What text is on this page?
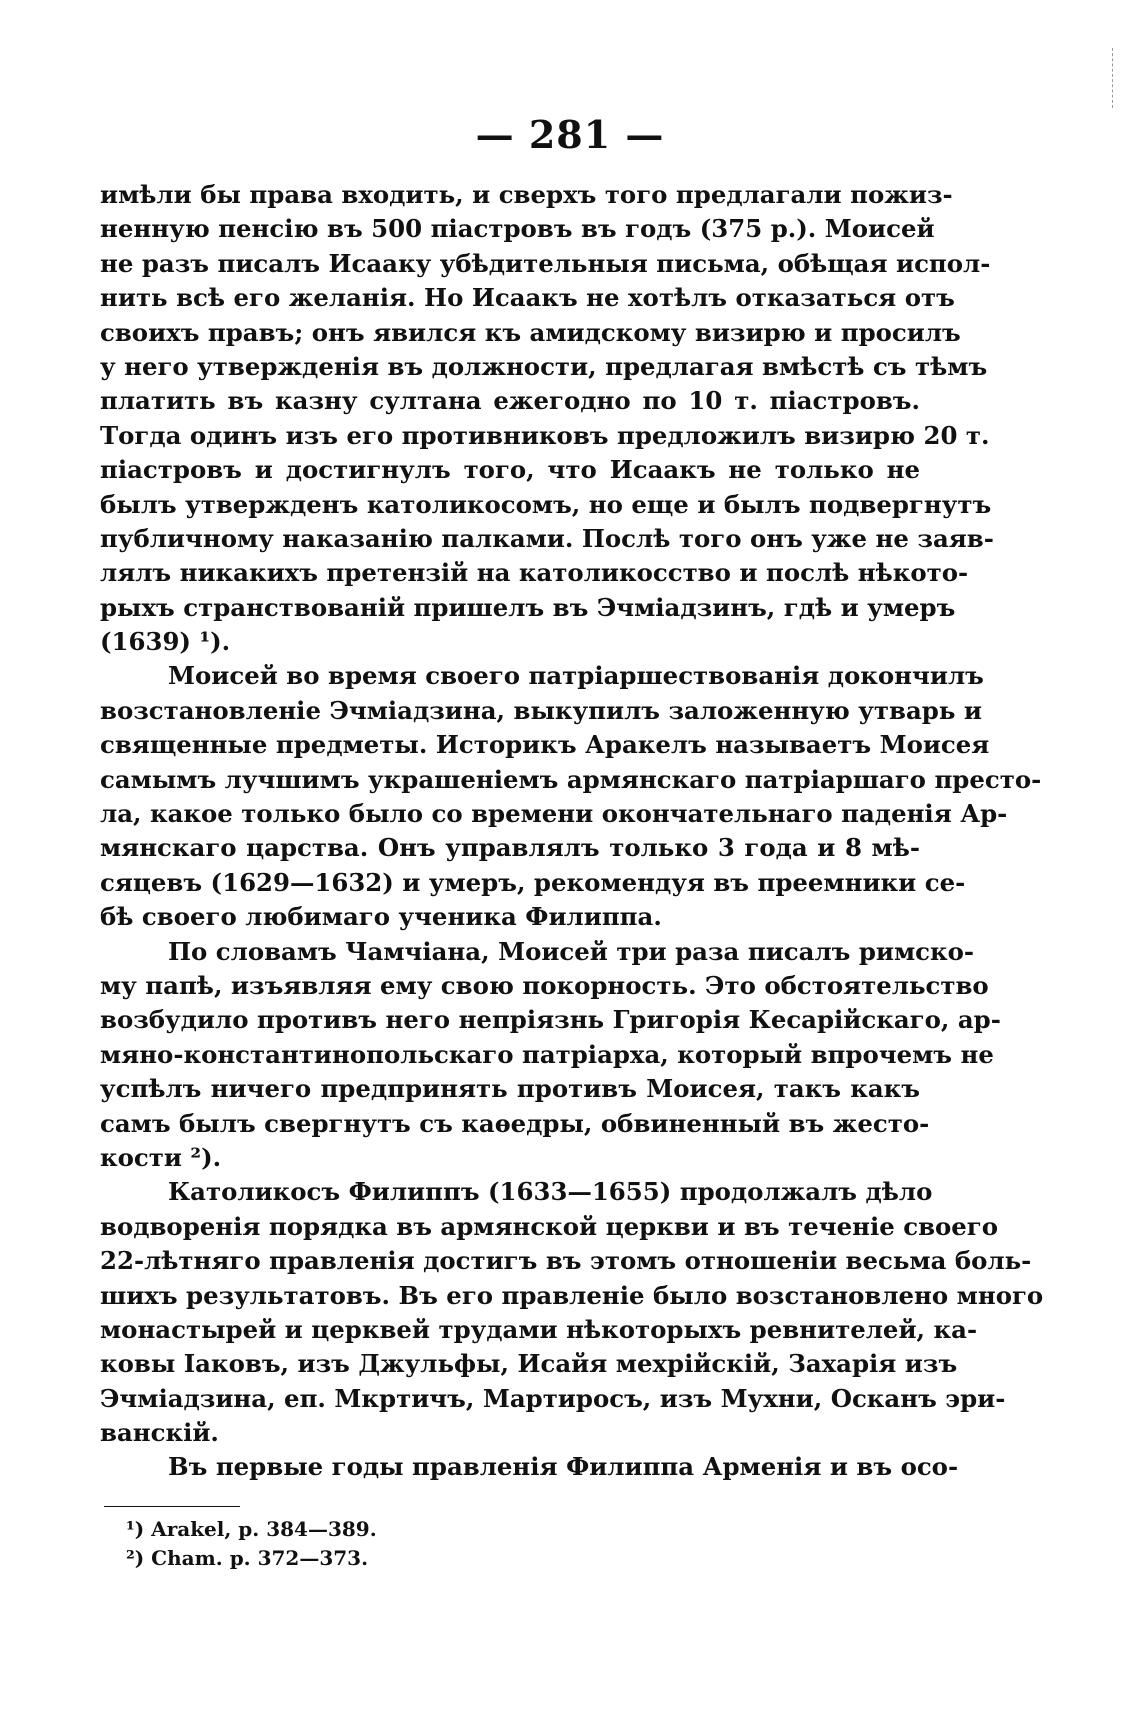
— 281 —
имѣли бы права входить, и сверхъ того предлагали пожиз-
ненную пенсію въ 500 піастровъ въ годъ (375 р.). Моисей
не разъ писалъ Исааку убѣдительныя письма, обѣщая испол-
нить всѣ его желанія. Но Исаакъ не хотѣлъ отказаться отъ
своихъ правъ; онъ явился къ амидскому визирю и просилъ
у него утвержденія въ должности, предлагая вмѣстѣ съ тѣмъ
платить въ казну султана ежегодно по 10 т. піастровъ.
Тогда одинъ изъ его противниковъ предложилъ визирю 20 т.
піастровъ и достигнулъ того, что Исаакъ не только не
былъ утвержденъ католикосомъ, но еще и былъ подвергнутъ
публичному наказанію палками. Послѣ того онъ уже не заяв-
лялъ никакихъ претензій на католикосство и послѣ нѣкото-
рыхъ странствованій пришелъ въ Эчміадзинъ, гдѣ и умеръ
(1639) ¹).
Моисей во время своего патріаршествованія докончилъ
возстановленіе Эчміадзина, выкупилъ заложенную утварь и
священные предметы. Историкъ Аракелъ называетъ Моисея
самымъ лучшимъ украшеніемъ армянскаго патріаршаго престо-
ла, какое только было со времени окончательнаго паденія Ар-
мянскаго царства. Онъ управлялъ только 3 года и 8 мѣ-
сяцевъ (1629—1632) и умеръ, рекомендуя въ преемники се-
бѣ своего любимаго ученика Филиппа.
По словамъ Чамчіана, Моисей три раза писалъ римско-
му папѣ, изъявляя ему свою покорность. Это обстоятельство
возбудило противъ него непріязнь Григорія Кесарійскаго, ар-
мяно-константинопольскаго патріарха, который впрочемъ не
успѣлъ ничего предпринять противъ Моисея, такъ какъ
самъ былъ свергнутъ съ каѳедры, обвиненный въ жесто-
кости ²).
Католикосъ Филиппъ (1633—1655) продолжалъ дѣло
водворенія порядка въ армянской церкви и въ теченіе своего
22-лѣтняго правленія достигъ въ этомъ отношеніи весьма боль-
шихъ результатовъ. Въ его правленіе было возстановлено много
монастырей и церквей трудами нѣкоторыхъ ревнителей, ка-
ковы Іаковъ, изъ Джульфы, Исайя мехрійскій, Захарія изъ
Эчміадзина, еп. Мкртичъ, Мартиросъ, изъ Мухни, Осканъ эри-
ванскій.
Въ первые годы правленія Филиппа Арменія и въ осо-
¹) Arakel, p. 384—389.
²) Cham. p. 372—373.
